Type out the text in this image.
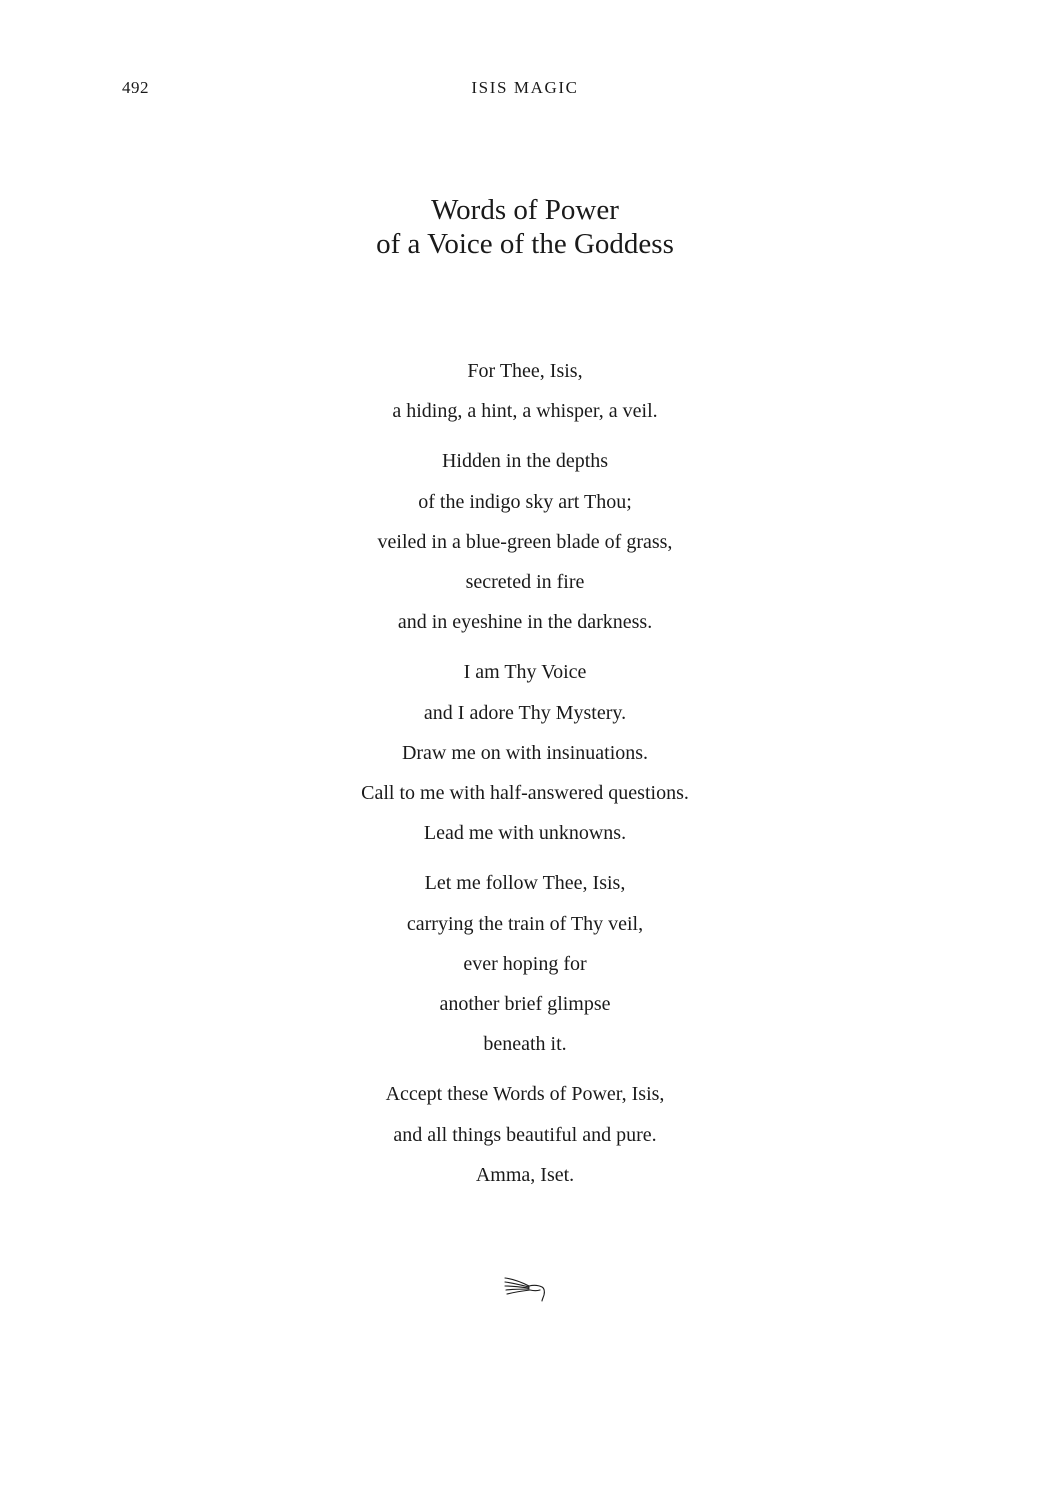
492	ISIS MAGIC
Words of Power
of a Voice of the Goddess
For Thee, Isis,
a hiding, a hint, a whisper, a veil.
Hidden in the depths
of the indigo sky art Thou;
veiled in a blue-green blade of grass,
secreted in fire
and in eyeshine in the darkness.
I am Thy Voice
and I adore Thy Mystery.
Draw me on with insinuations.
Call to me with half-answered questions.
Lead me with unknowns.
Let me follow Thee, Isis,
carrying the train of Thy veil,
ever hoping for
another brief glimpse
beneath it.
Accept these Words of Power, Isis,
and all things beautiful and pure.
Amma, Iset.
